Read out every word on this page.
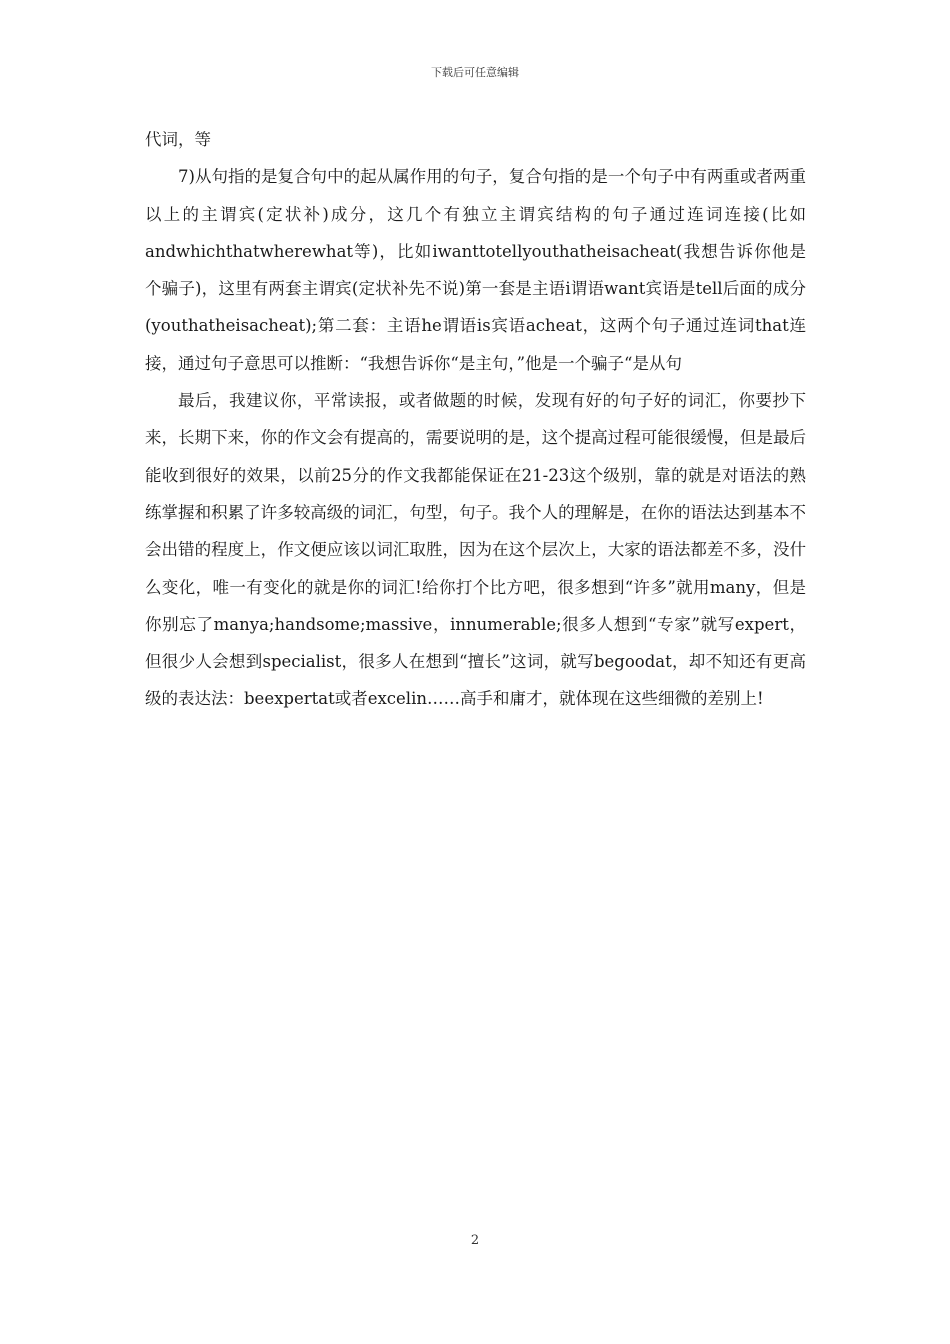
下载后可任意编辑

代词，等

7)从句指的是复合句中的起从属作用的句子，复合句指的是一个句子中有两重或者两重以上的主谓宾(定状补)成分，这几个有独立主谓宾结构的句子通过连词连接(比如andwhichthatwherewhat等)，比如iwanttotellyouthatheisacheat(我想告诉你他是个骗子)，这里有两套主谓宾(定状补先不说)第一套是主语i谓语want宾语是tell后面的成分(youthatheisacheat);第二套：主语he谓语is宾语acheat，这两个句子通过连词that连接，通过句子意思可以推断：“我想告诉你“是主句，”他是一个骗子“是从句

最后，我建议你，平常读报，或者做题的时候，发现有好的句子好的词汇，你要抄下来，长期下来，你的作文会有提高的，需要说明的是，这个提高过程可能很缓慢，但是最后能收到很好的效果，以前25分的作文我都能保证在21-23这个级别，靠的就是对语法的熟练掌握和积累了许多较高级的词汇，句型，句子。我个人的理解是，在你的语法达到基本不会出错的程度上，作文便应该以词汇取胜，因为在这个层次上，大家的语法都差不多，没什么变化，唯一有变化的就是你的词汇!给你打个比方吧，很多想到“许多”就用many，但是你别忘了manya;handsome;massive，innumerable;很多人想到“专家”就写expert，但很少人会想到specialist，很多人在想到“擅长”这词，就写begoodat，却不知还有更高级的表达法：beexpertat或者excelin……高手和庸才，就体现在这些细微的差别上!

2
